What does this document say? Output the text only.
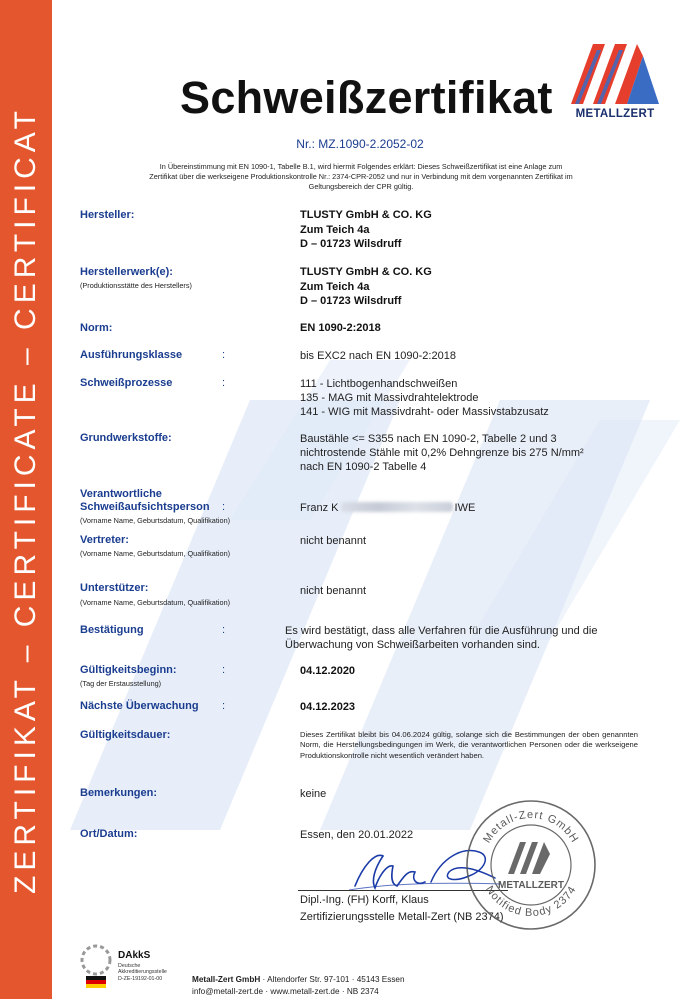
ZERTIFIKAT – CERTIFICATE – CERTIFICAT
Schweißzertifikat	METALLZERT
Nr.: MZ.1090-2.2052-02
In Übereinstimmung mit EN 1090-1, Tabelle B.1, wird hiermit Folgendes erklärt: Dieses Schweißzertifikat ist eine Anlage zum
Zertifikat über die werkseigene Produktionskontrolle Nr.: 2374-CPR-2052 und nur in Verbindung mit dem vorgenannten Zertifikat im
Geltungsbereich der CPR gültig.
Hersteller:	TLUSTY GmbH & CO. KG
Zum Teich 4a
D – 01723 Wilsdruff
Herstellerwerk(e):
(Produktionsstätte des Herstellers)
TLUSTY GmbH & CO. KG
Zum Teich 4a
D – 01723 Wilsdruff
Norm:	EN 1090-2:2018
Ausführungsklasse	:	bis EXC2 nach EN 1090-2:2018
Schweißprozesse	:	111 - Lichtbogenhandschweißen
135 - MAG mit Massivdrahtelektrode
141 - WIG mit Massivdraht- oder Massivstabzusatz
Grundwerkstoffe:	Baustähle <= S355 nach EN 1090-2, Tabelle 2 und 3
nichtrostende Stähle mit 0,2% Dehngrenze bis 275 N/mm²
nach EN 1090-2 Tabelle 4
Verantwortliche
Schweißaufsichtsperson :
(Vorname Name, Geburtsdatum, Qualifikation)
Franz K	IWE
Vertreter:
(Vorname Name, Geburtsdatum, Qualifikation)
nicht benannt
Unterstützer:
(Vorname Name, Geburtsdatum, Qualifikation)
nicht benannt
Bestätigung	:	Es wird bestätigt, dass alle Verfahren für die Ausführung und die Überwachung von Schweißarbeiten vorhanden sind.
Gültigkeitsbeginn:	:
(Tag der Erstausstellung)
04.12.2020
Nächste Überwachung :	04.12.2023
Gültigkeitsdauer:	Dieses Zertifikat bleibt bis 04.06.2024 gültig, solange sich die Bestimmungen der oben genannten Norm, die Herstellungsbedingungen im Werk, die verantwortlichen Personen oder die werkseigene Produktionskontrolle nicht wesentlich verändert haben.
Bemerkungen:	keine
Ort/Datum:	Essen, den 20.01.2022
Dipl.-Ing. (FH) Korff, Klaus
Zertifizierungsstelle Metall-Zert (NB 2374)
Metall-Zert GmbH
Notified Body 2374
METALLZERT
DAkkS
Deutsche
Akkreditierungsstelle
D-ZE-19192-01-00	Metall-Zert GmbH · Altendorfer Str. 97-101 · 45143 Essen
info@metall-zert.de · www.metall-zert.de · NB 2374
